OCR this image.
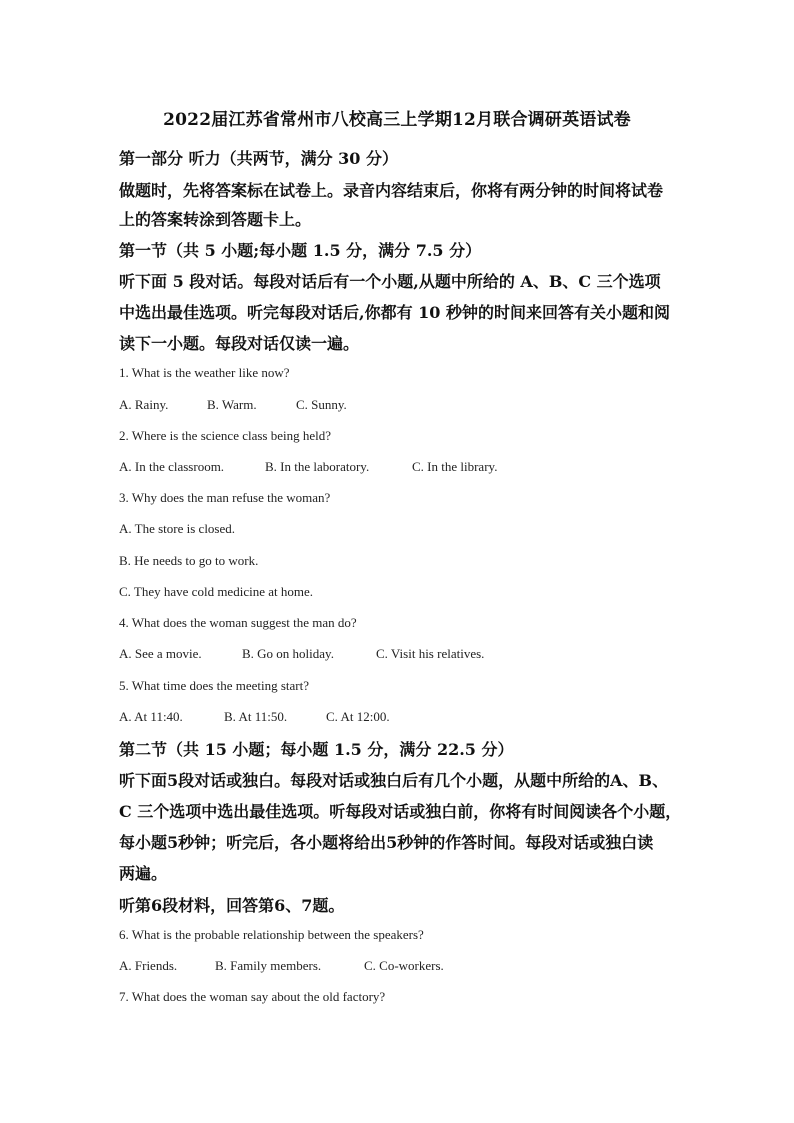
2022届江苏省常州市八校高三上学期12月联合调研英语试卷
第一部分 听力（共两节，满分 30 分）
做题时，先将答案标在试卷上。录音内容结束后，你将有两分钟的时间将试卷
上的答案转涂到答题卡上。
第一节（共 5 小题;每小题 1.5 分，满分 7.5 分）
听下面 5 段对话。每段对话后有一个小题,从题中所给的 A、B、C 三个选项
中选出最佳选项。听完每段对话后,你都有 10 秒钟的时间来回答有关小题和阅
读下一小题。每段对话仅读一遍。
1. What is the weather like now?
A. Rainy.	B. Warm.	C. Sunny.
2. Where is the science class being held?
A. In the classroom.	B. In the laboratory.	C. In the library.
3. Why does the man refuse the woman?
A. The store is closed.
B. He needs to go to work.
C. They have cold medicine at home.
4. What does the woman suggest the man do?
A. See a movie.	B. Go on holiday.	C. Visit his relatives.
5. What time does the meeting start?
A. At 11:40.	B. At 11:50.	C. At 12:00.
第二节（共 15 小题；每小题 1.5 分，满分 22.5 分）
听下面5段对话或独白。每段对话或独白后有几个小题，从题中所给的A、B、
C 三个选项中选出最佳选项。听每段对话或独白前，你将有时间阅读各个小题，
每小题5秒钟；听完后，各小题将给出5秒钟的作答时间。每段对话或独白读
两遍。
听第6段材料，回答第6、7题。
6. What is the probable relationship between the speakers?
A. Friends.	B. Family members.	C. Co-workers.
7. What does the woman say about the old factory?
